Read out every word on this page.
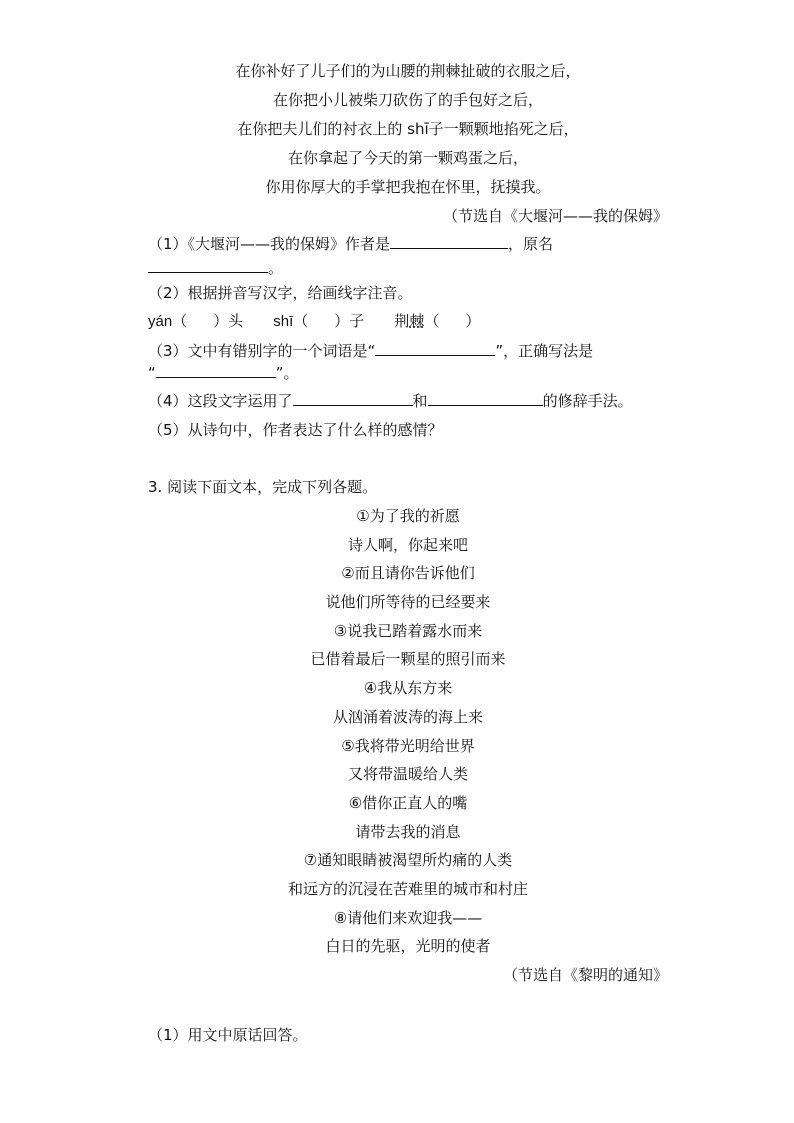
在你补好了儿子们的为山腰的荆棘扯破的衣服之后，
在你把小儿被柴刀砍伤了的手包好之后，
在你把夫儿们的衬衣上的 shī子一颗颗地掐死之后，
在你拿起了今天的第一颗鸡蛋之后，
你用你厚大的手掌把我抱在怀里，抚摸我。
（节选自《大堰河——我的保姆》
（1）《大堰河——我的保姆》作者是	，原名
。
（2）根据拼音写汉字，给画线字注音。
yán（ ）头 shī（ ）子 荆棘（ ）
（3）文中有错别字的一个词语是“	”，正确写法是
“	”。
（4）这段文字运用了	和	的修辞手法。
（5）从诗句中，作者表达了什么样的感情？
3. 阅读下面文本，完成下列各题。
①为了我的祈愿
诗人啊，你起来吧
②而且请你告诉他们
说他们所等待的已经要来
③说我已踏着露水而来
已借着最后一颗星的照引而来
④我从东方来
从汹涌着波涛的海上来
⑤我将带光明给世界
又将带温暖给人类
⑥借你正直人的嘴
请带去我的消息
⑦通知眼睛被渴望所灼痛的人类
和远方的沉浸在苦难里的城市和村庄
⑧请他们来欢迎我——
白日的先驱，光明的使者
（节选自《黎明的通知》
（1）用文中原话回答。
